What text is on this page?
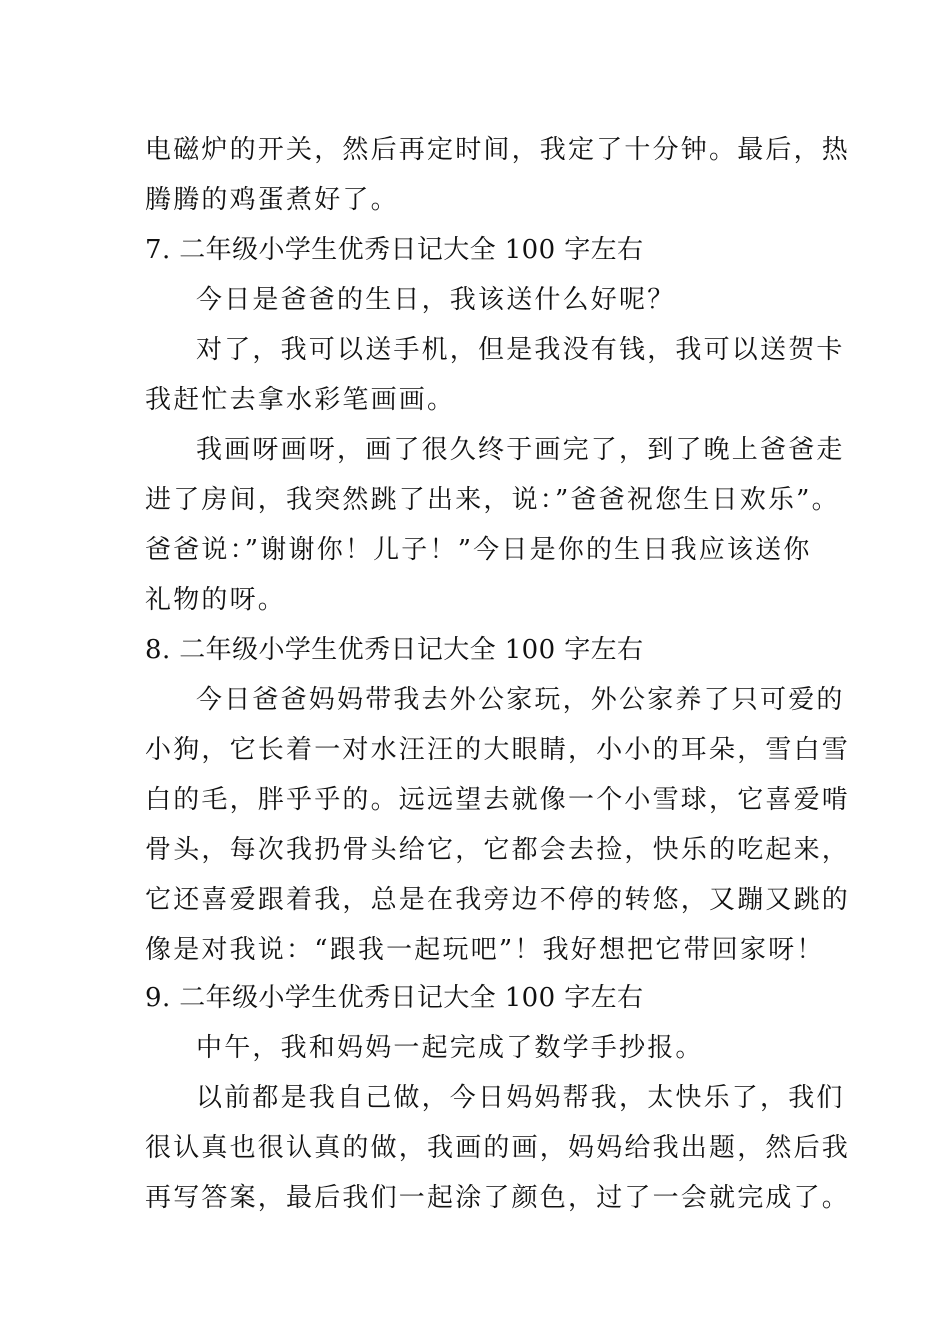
电磁炉的开关，然后再定时间，我定了十分钟。最后，热
腾腾的鸡蛋煮好了。
7. 二年级小学生优秀日记大全 100 字左右
今日是爸爸的生日，我该送什么好呢？
对了，我可以送手机，但是我没有钱，我可以送贺卡
我赶忙去拿水彩笔画画。
我画呀画呀，画了很久终于画完了，到了晚上爸爸走
进了房间，我突然跳了出来，说：”爸爸祝您生日欢乐”。
爸爸说：”谢谢你！儿子！”今日是你的生日我应该送你
礼物的呀。
8. 二年级小学生优秀日记大全 100 字左右
今日爸爸妈妈带我去外公家玩，外公家养了只可爱的
小狗，它长着一对水汪汪的大眼睛，小小的耳朵，雪白雪
白的毛，胖乎乎的。远远望去就像一个小雪球，它喜爱啃
骨头，每次我扔骨头给它，它都会去捡，快乐的吃起来，
它还喜爱跟着我，总是在我旁边不停的转悠，又蹦又跳的
像是对我说：“跟我一起玩吧”！我好想把它带回家呀！
9. 二年级小学生优秀日记大全 100 字左右
中午，我和妈妈一起完成了数学手抄报。
以前都是我自己做，今日妈妈帮我，太快乐了，我们
很认真也很认真的做，我画的画，妈妈给我出题，然后我
再写答案，最后我们一起涂了颜色，过了一会就完成了。
